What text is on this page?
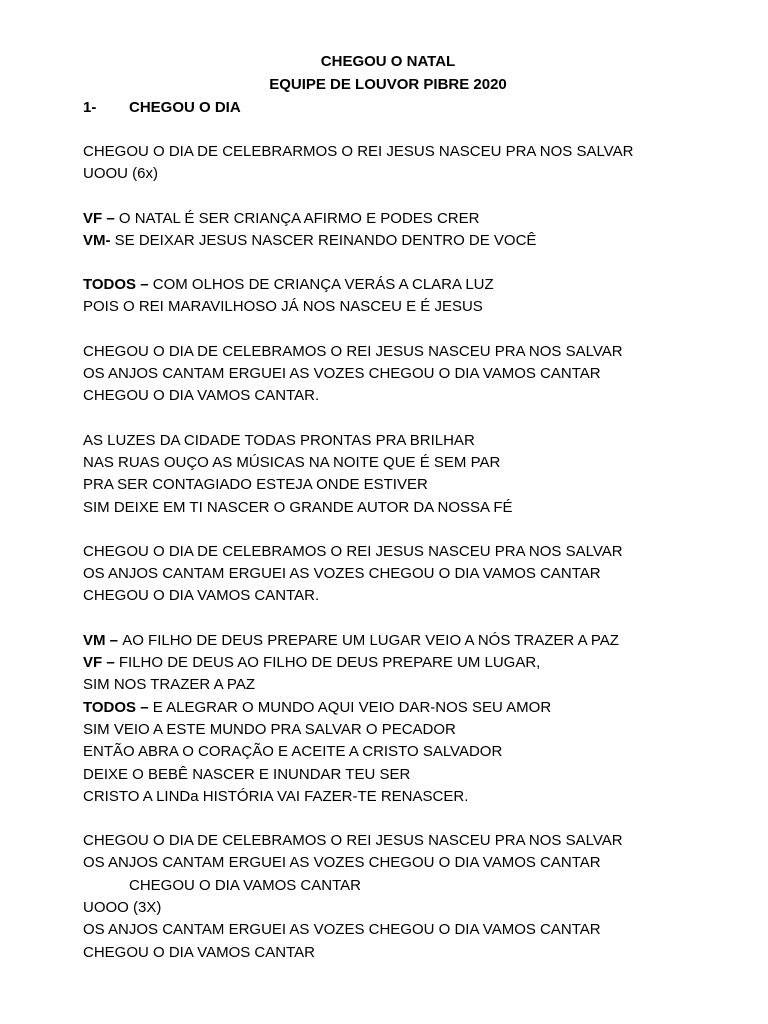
CHEGOU O NATAL
EQUIPE DE LOUVOR PIBRE 2020
1- CHEGOU O DIA
CHEGOU O DIA DE CELEBRARMOS O REI JESUS NASCEU PRA NOS SALVAR
UOOU (6x)
VF – O NATAL É SER CRIANÇA AFIRMO E PODES CRER
VM- SE DEIXAR JESUS NASCER REINANDO DENTRO DE VOCÊ
TODOS – COM OLHOS DE CRIANÇA VERÁS A CLARA LUZ
POIS O REI MARAVILHOSO JÁ NOS NASCEU E É JESUS
CHEGOU O DIA DE CELEBRAMOS O REI JESUS NASCEU PRA NOS SALVAR
OS ANJOS CANTAM ERGUEI AS VOZES CHEGOU O DIA VAMOS CANTAR
CHEGOU O DIA VAMOS CANTAR.
AS LUZES DA CIDADE TODAS PRONTAS PRA BRILHAR
NAS RUAS OUÇO AS MÚSICAS NA NOITE QUE É SEM PAR
PRA SER CONTAGIADO ESTEJA ONDE ESTIVER
SIM DEIXE EM TI NASCER O GRANDE AUTOR DA NOSSA FÉ
CHEGOU O DIA DE CELEBRAMOS O REI JESUS NASCEU PRA NOS SALVAR
OS ANJOS CANTAM ERGUEI AS VOZES CHEGOU O DIA VAMOS CANTAR
CHEGOU O DIA VAMOS CANTAR.
VM – AO FILHO DE DEUS PREPARE UM LUGAR VEIO A NÓS TRAZER A PAZ
VF – FILHO DE DEUS AO FILHO DE DEUS PREPARE UM LUGAR,
SIM NOS TRAZER A PAZ
TODOS – E ALEGRAR O MUNDO AQUI VEIO DAR-NOS SEU AMOR
SIM VEIO A ESTE MUNDO PRA SALVAR O PECADOR
ENTÃO ABRA O CORAÇÃO E ACEITE A CRISTO SALVADOR
DEIXE O BEBÊ NASCER E INUNDAR TEU SER
CRISTO A LINDa HISTÓRIA VAI FAZER-TE RENASCER.
CHEGOU O DIA DE CELEBRAMOS O REI JESUS NASCEU PRA NOS SALVAR
OS ANJOS CANTAM ERGUEI AS VOZES CHEGOU O DIA VAMOS CANTAR
CHEGOU O DIA VAMOS CANTAR
UOOO (3X)
OS ANJOS CANTAM ERGUEI AS VOZES CHEGOU O DIA VAMOS CANTAR
CHEGOU O DIA VAMOS CANTAR
